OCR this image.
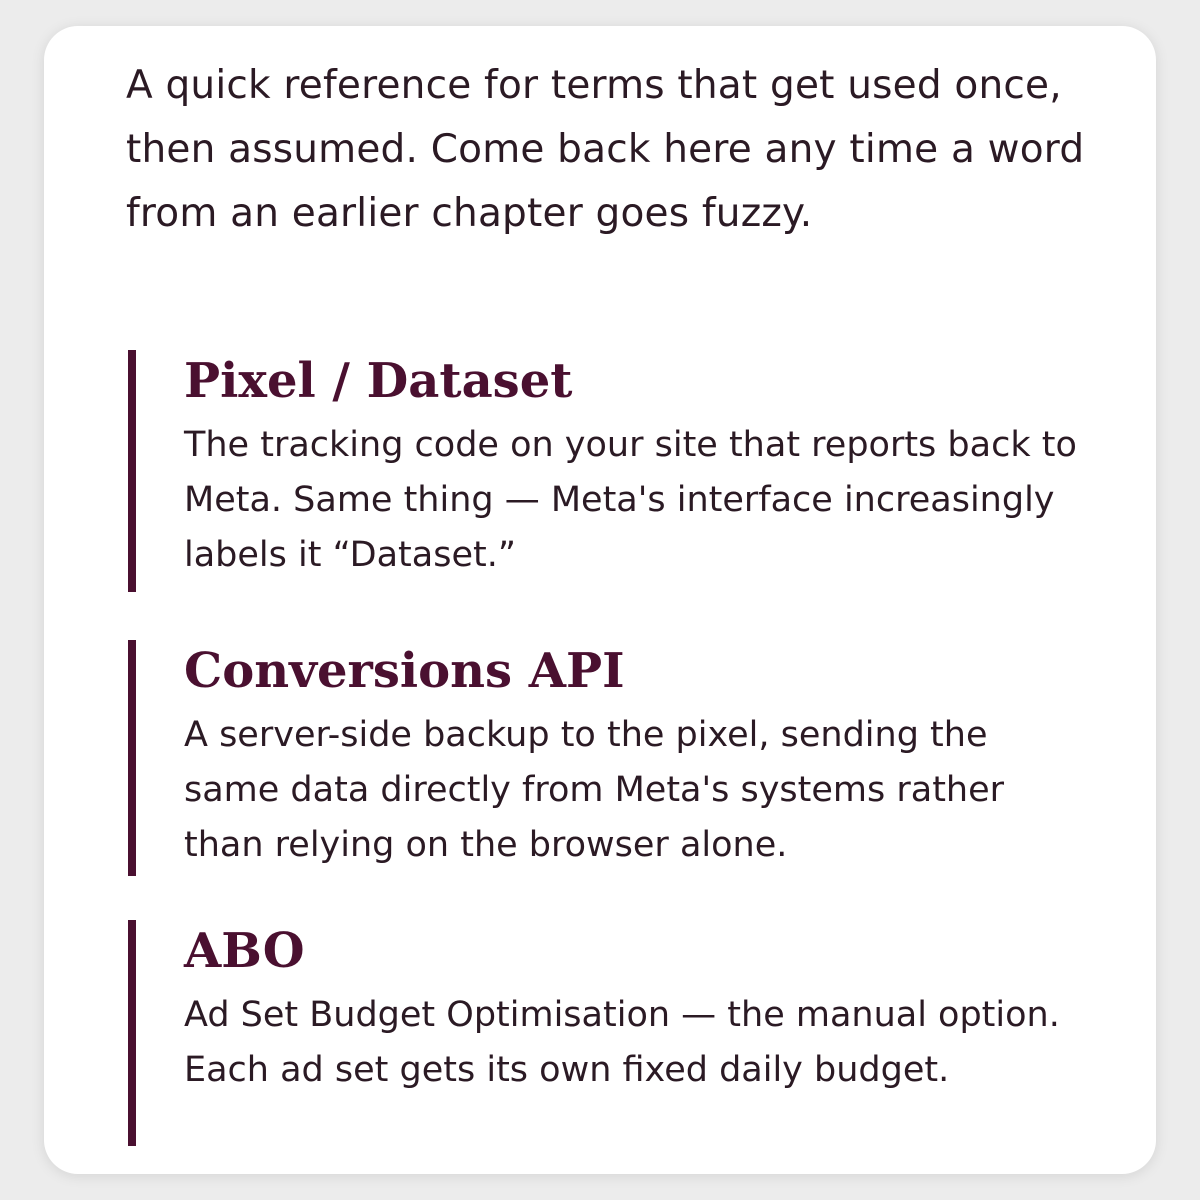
A quick reference for terms that get used once, then assumed. Come back here any time a word from an earlier chapter goes fuzzy.

Pixel / Dataset

The tracking code on your site that reports back to Meta. Same thing — Meta's interface increasingly labels it “Dataset.”

Conversions API

A server-side backup to the pixel, sending the same data directly from Meta's systems rather than relying on the browser alone.

ABO

Ad Set Budget Optimisation — the manual option. Each ad set gets its own fixed daily budget.
